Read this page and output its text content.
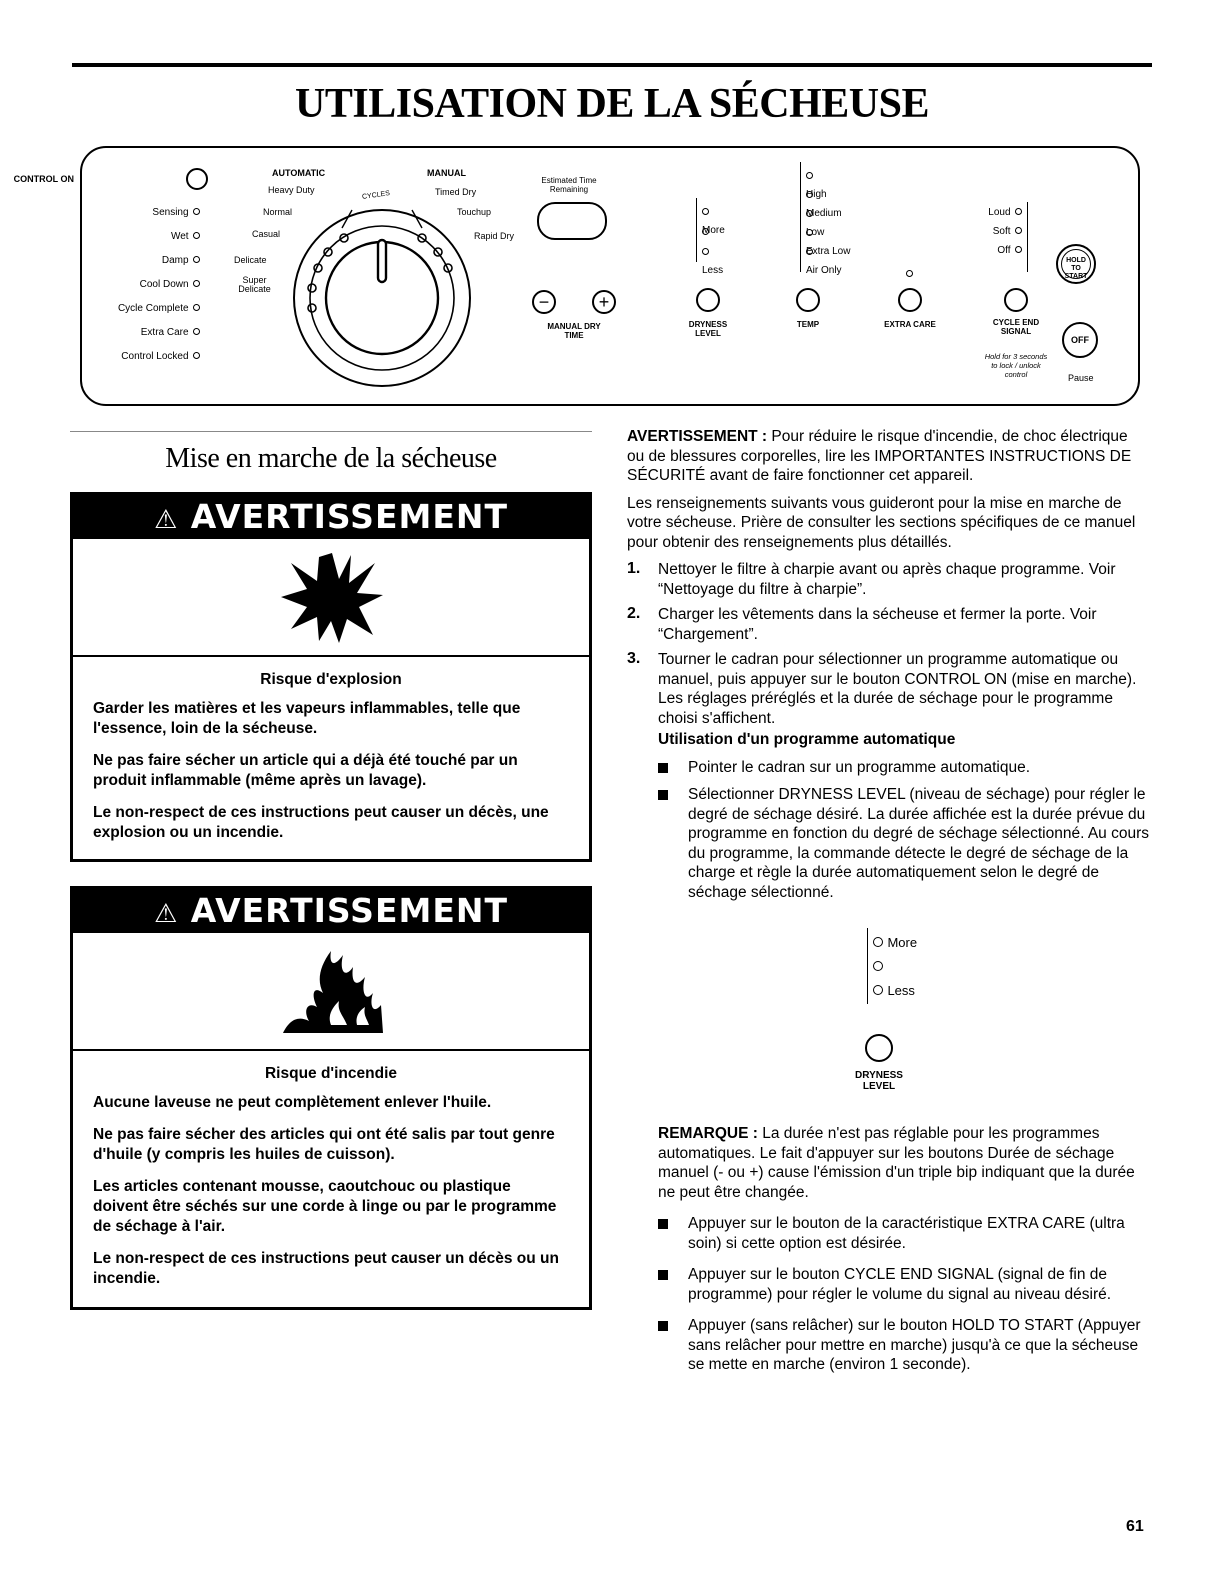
UTILISATION DE LA SÉCHEUSE
CONTROL ON
Sensing
Wet
Damp
Cool Down
Cycle Complete
Extra Care
Control Locked
AUTOMATIC	MANUAL
Heavy Duty
Normal
Casual
Delicate
Super Delicate
Timed Dry
Touchup
Rapid Dry
CYCLES
Estimated Time Remaining
−	+
MANUAL DRY TIME
More
Less
DRYNESS LEVEL
High
Medium
Low
Extra Low
Air Only
TEMP	EXTRA CARE
Loud
Soft
Off
CYCLE END SIGNAL
Hold for 3 seconds to lock / unlock control
HOLD TO START
OFF
Pause
Mise en marche de la sécheuse
⚠ AVERTISSEMENT

Risque d'explosion

Garder les matières et les vapeurs inflammables, telle que l'essence, loin de la sécheuse.

Ne pas faire sécher un article qui a déjà été touché par un produit inflammable (même après un lavage).

Le non-respect de ces instructions peut causer un décès, une explosion ou un incendie.

⚠ AVERTISSEMENT

Risque d'incendie

Aucune laveuse ne peut complètement enlever l'huile.

Ne pas faire sécher des articles qui ont été salis par tout genre d'huile (y compris les huiles de cuisson).

Les articles contenant mousse, caoutchouc ou plastique doivent être séchés sur une corde à linge ou par le programme de séchage à l'air.

Le non-respect de ces instructions peut causer un décès ou un incendie.

AVERTISSEMENT : Pour réduire le risque d'incendie, de choc électrique ou de blessures corporelles, lire les IMPORTANTES INSTRUCTIONS DE SÉCURITÉ avant de faire fonctionner cet appareil.

Les renseignements suivants vous guideront pour la mise en marche de votre sécheuse. Prière de consulter les sections spécifiques de ce manuel pour obtenir des renseignements plus détaillés.

1. Nettoyer le filtre à charpie avant ou après chaque programme. Voir “Nettoyage du filtre à charpie”.

2. Charger les vêtements dans la sécheuse et fermer la porte. Voir “Chargement”.

3. Tourner le cadran pour sélectionner un programme automatique ou manuel, puis appuyer sur le bouton CONTROL ON (mise en marche). Les réglages préréglés et la durée de séchage pour le programme choisi s'affichent.

Utilisation d'un programme automatique

Pointer le cadran sur un programme automatique.

Sélectionner DRYNESS LEVEL (niveau de séchage) pour régler le degré de séchage désiré. La durée affichée est la durée prévue du programme en fonction du degré de séchage sélectionné. Au cours du programme, la commande détecte le degré de séchage de la charge et règle la durée automatiquement selon le degré de séchage sélectionné.

More
Less
DRYNESS LEVEL

REMARQUE : La durée n'est pas réglable pour les programmes automatiques. Le fait d'appuyer sur les boutons Durée de séchage manuel (- ou +) cause l'émission d'un triple bip indiquant que la durée ne peut être changée.

Appuyer sur le bouton de la caractéristique EXTRA CARE (ultra soin) si cette option est désirée.

Appuyer sur le bouton CYCLE END SIGNAL (signal de fin de programme) pour régler le volume du signal au niveau désiré.

Appuyer (sans relâcher) sur le bouton HOLD TO START (Appuyer sans relâcher pour mettre en marche) jusqu'à ce que la sécheuse se mette en marche (environ 1 seconde).

61
